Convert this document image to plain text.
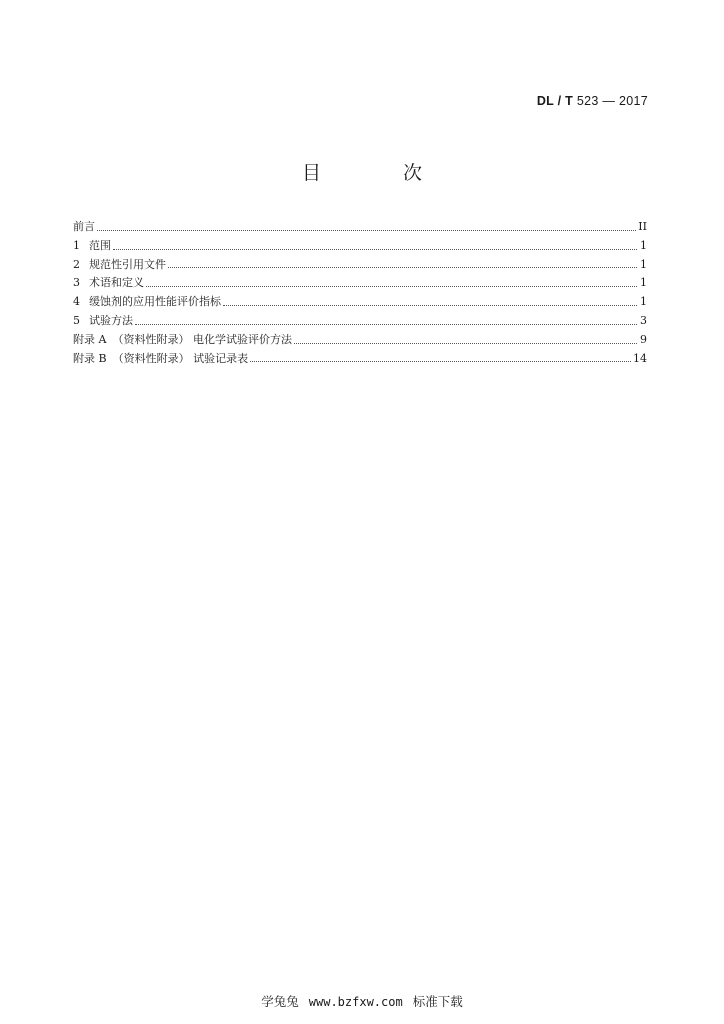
DL / T 523 — 2017
目 次
前言	II
1 范围	1
2 规范性引用文件	1
3 术语和定义	1
4 缓蚀剂的应用性能评价指标	1
5 试验方法	3
附录 A （资料性附录） 电化学试验评价方法	9
附录 B （资料性附录） 试验记录表	14
学兔兔 www.bzfxw.com 标准下载
